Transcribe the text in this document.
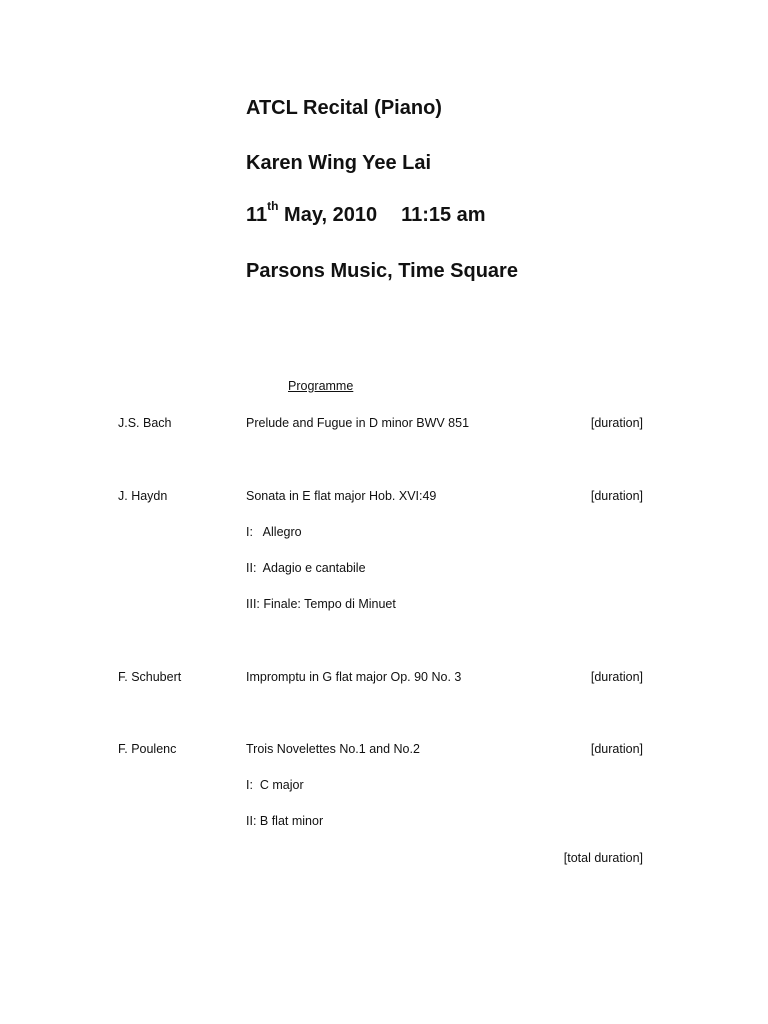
ATCL Recital (Piano)
Karen Wing Yee Lai
11th May, 2010 11:15 am
Parsons Music, Time Square
Programme
J.S. Bach	Prelude and Fugue in D minor BWV 851	[duration]
J. Haydn	Sonata in E flat major Hob. XVI:49	[duration]
I:   Allegro
II:  Adagio e cantabile
III: Finale: Tempo di Minuet
F. Schubert	Impromptu in G flat major Op. 90 No. 3	[duration]
F. Poulenc	Trois Novelettes No.1 and No.2	[duration]
I:  C major
II: B flat minor
[total duration]
